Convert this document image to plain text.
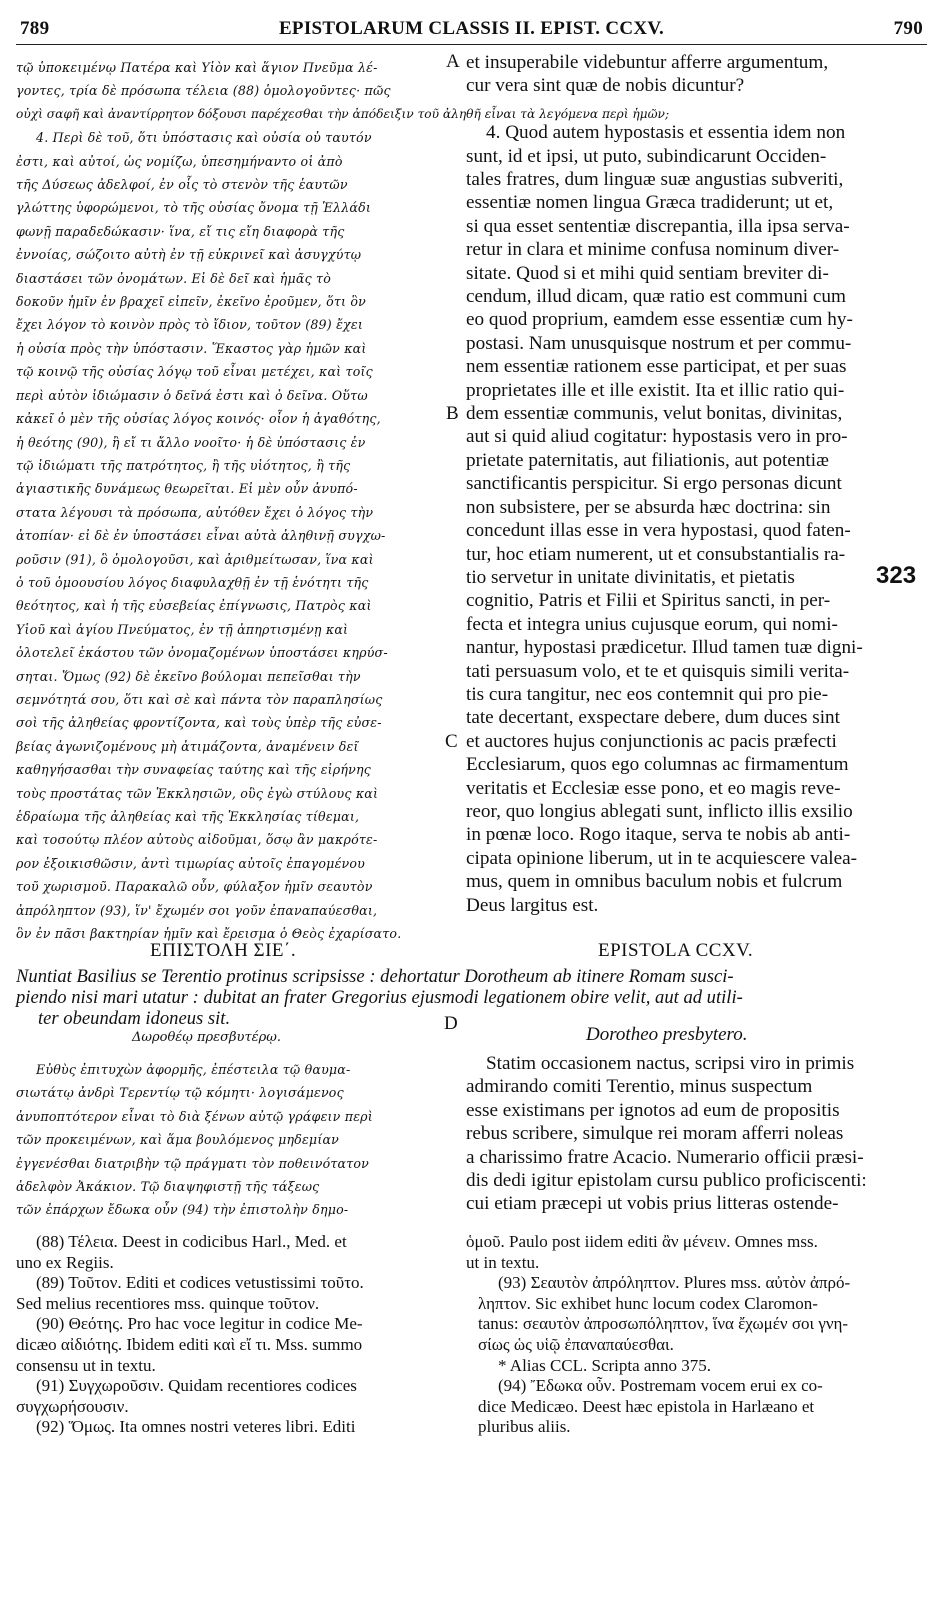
789	EPISTOLARUM CLASSIS II. EPIST. CCXV.	790
τῷ ὑποκειμένῳ Πατέρα καὶ Υἱὸν καὶ ἅγιον Πνεῦμα λέ-
γοντες, τρία δὲ πρόσωπα τέλεια (88) ὁμολογοῦντες· πῶς
οὐχὶ σαφῆ καὶ ἀναντίρρητον δόξουσι παρέχεσθαι τὴν ἀπόδειξιν τοῦ ἀληθῆ εἶναι τὰ λεγόμενα περὶ ἡμῶν;
4. Περὶ δὲ τοῦ, ὅτι ὑπόστασις καὶ οὐσία οὐ ταυτόν
ἐστι, καὶ αὐτοί, ὡς νομίζω, ὑπεσημήναντο οἱ ἀπὸ
τῆς Δύσεως ἀδελφοί, ἐν οἷς τὸ στενὸν τῆς ἑαυτῶν
γλώττης ὑφορώμενοι, τὸ τῆς οὐσίας ὄνομα τῇ Ἑλλάδι
φωνῇ παραδεδώκασιν· ἵνα, εἴ τις εἴη διαφορὰ τῆς
ἐννοίας, σώζοιτο αὐτὴ ἐν τῇ εὐκρινεῖ καὶ ἀσυγχύτῳ
διαστάσει τῶν ὀνομάτων. Εἰ δὲ δεῖ καὶ ἡμᾶς τὸ
δοκοῦν ἡμῖν ἐν βραχεῖ εἰπεῖν, ἐκεῖνο ἐροῦμεν, ὅτι ὃν
ἔχει λόγον τὸ κοινὸν πρὸς τὸ ἴδιον, τοῦτον (89) ἔχει
ἡ οὐσία πρὸς τὴν ὑπόστασιν. Ἕκαστος γὰρ ἡμῶν καὶ
τῷ κοινῷ τῆς οὐσίας λόγῳ τοῦ εἶναι μετέχει, καὶ τοῖς
περὶ αὐτὸν ἰδιώμασιν ὁ δεῖνά ἐστι καὶ ὁ δεῖνα. Οὕτω
κἀκεῖ ὁ μὲν τῆς οὐσίας λόγος κοινός· οἷον ἡ ἀγαθότης,
ἡ θεότης (90), ἢ εἴ τι ἄλλο νοοῖτο· ἡ δὲ ὑπόστασις ἐν
τῷ ἰδιώματι τῆς πατρότητος, ἢ τῆς υἱότητος, ἢ τῆς
ἁγιαστικῆς δυνάμεως θεωρεῖται. Εἰ μὲν οὖν ἀνυπό-
στατα λέγουσι τὰ πρόσωπα, αὐτόθεν ἔχει ὁ λόγος τὴν
ἀτοπίαν· εἰ δὲ ἐν ὑποστάσει εἶναι αὐτὰ ἀληθινῇ συγχω-
ροῦσιν (91), ὃ ὁμολογοῦσι, καὶ ἀριθμείτωσαν, ἵνα καὶ
ὁ τοῦ ὁμοουσίου λόγος διαφυλαχθῇ ἐν τῇ ἑνότητι τῆς
θεότητος, καὶ ἡ τῆς εὐσεβείας ἐπίγνωσις, Πατρὸς καὶ
Υἱοῦ καὶ ἁγίου Πνεύματος, ἐν τῇ ἀπηρτισμένῃ καὶ
ὁλοτελεῖ ἑκάστου τῶν ὀνομαζομένων ὑποστάσει κηρύσ-
σηται. Ὅμως (92) δὲ ἐκεῖνο βούλομαι πεπεῖσθαι τὴν
σεμνότητά σου, ὅτι καὶ σὲ καὶ πάντα τὸν παραπλησίως
σοὶ τῆς ἀληθείας φροντίζοντα, καὶ τοὺς ὑπὲρ τῆς εὐσε-
βείας ἀγωνιζομένους μὴ ἀτιμάζοντα, ἀναμένειν δεῖ
καθηγήσασθαι τὴν συναφείας ταύτης καὶ τῆς εἰρήνης
τοὺς προστάτας τῶν Ἐκκλησιῶν, οὓς ἐγὼ στύλους καὶ
ἑδραίωμα τῆς ἀληθείας καὶ τῆς Ἐκκλησίας τίθεμαι,
καὶ τοσούτῳ πλέον αὐτοὺς αἰδοῦμαι, ὅσῳ ἂν μακρότε-
ρον ἐξοικισθῶσιν, ἀντὶ τιμωρίας αὐτοῖς ἐπαγομένου
τοῦ χωρισμοῦ. Παρακαλῶ οὖν, φύλαξον ἡμῖν σεαυτὸν
ἀπρόληπτον (93), ἵν' ἔχωμέν σοι γοῦν ἐπαναπαύεσθαι,
ὃν ἐν πᾶσι βακτηρίαν ἡμῖν καὶ ἔρεισμα ὁ Θεὸς ἐχαρίσατο.
et insuperabile videbuntur afferre argumentum,
cur vera sint quæ de nobis dicuntur?
4. Quod autem hypostasis et essentia idem non
sunt, id et ipsi, ut puto, subindicarunt Occiden-
tales fratres, dum linguæ suæ angustias subveriti,
essentiæ nomen lingua Græca tradiderunt; ut et,
si qua esset sententiæ discrepantia, illa ipsa serva-
retur in clara et minime confusa nominum diver-
sitate. Quod si et mihi quid sentiam breviter di-
cendum, illud dicam, quæ ratio est communi cum
eo quod proprium, eamdem esse essentiæ cum hy-
postasi. Nam unusquisque nostrum et per commu-
nem essentiæ rationem esse participat, et per suas
proprietates ille et ille existit. Ita et illic ratio qui-
dem essentiæ communis, velut bonitas, divinitas,
aut si quid aliud cogitatur: hypostasis vero in pro-
prietate paternitatis, aut filiationis, aut potentiæ
sanctificantis perspicitur. Si ergo personas dicunt
non subsistere, per se absurda hæc doctrina: sin
concedunt illas esse in vera hypostasi, quod faten-
tur, hoc etiam numerent, ut et consubstantialis ra-
tio servetur in unitate divinitatis, et pietatis
cognitio, Patris et Filii et Spiritus sancti, in per-
fecta et integra unius cujusque eorum, qui nomi-
nantur, hypostasi prædicetur. Illud tamen tuæ digni-
tati persuasum volo, et te et quisquis simili verita-
tis cura tangitur, nec eos contemnit qui pro pie-
tate decertant, exspectare debere, dum duces sint
et auctores hujus conjunctionis ac pacis præfecti
Ecclesiarum, quos ego columnas ac firmamentum
veritatis et Ecclesiæ esse pono, et eo magis reve-
reor, quo longius ablegati sunt, inflicto illis exsilio
in pœnæ loco. Rogo itaque, serva te nobis ab anti-
cipata opinione liberum, ut in te acquiescere valea-
mus, quem in omnibus baculum nobis et fulcrum
Deus largitus est.
A
B
C
D
323
ΕΠΙΣΤΟΛΗ ΣΙΕ΄.	EPISTOLA CCXV.
Nuntiat Basilius se Terentio protinus scripsisse : dehortatur Dorotheum ab itinere Romam susci-
piendo nisi mari utatur : dubitat an frater Gregorius ejusmodi legationem obire velit, aut ad utili-
ter obeundam idoneus sit.
Δωροθέῳ πρεσβυτέρῳ.	Dorotheo presbytero.
Εὐθὺς ἐπιτυχὼν ἀφορμῆς, ἐπέστειλα τῷ θαυμα-
σιωτάτῳ ἀνδρὶ Τερεντίῳ τῷ κόμητι· λογισάμενος
ἀνυποπτότερον εἶναι τὸ διὰ ξένων αὐτῷ γράφειν περὶ
τῶν προκειμένων, καὶ ἅμα βουλόμενος μηδεμίαν
ἐγγενέσθαι διατριβὴν τῷ πράγματι τὸν ποθεινότατον
ἀδελφὸν Ἀκάκιον. Τῷ διαψηφιστῇ τῆς τάξεως
τῶν ἐπάρχων ἔδωκα οὖν (94) τὴν ἐπιστολὴν δημο-
Statim occasionem nactus, scripsi viro in primis
admirando comiti Terentio, minus suspectum
esse existimans per ignotos ad eum de propositis
rebus scribere, simulque rei moram afferri noleas
a charissimo fratre Acacio. Numerario officii præsi-
dis dedi igitur epistolam cursu publico proficiscenti:
cui etiam præcepi ut vobis prius litteras ostende-
(88) Τέλεια. Deest in codicibus Harl., Med. et
uno ex Regiis.
(89) Τοῦτον. Editi et codices vetustissimi τοῦτο.
Sed melius recentiores mss. quinque τοῦτον.
(90) Θεότης. Pro hac voce legitur in codice Me-
dicæo αἰδιότης. Ibidem editi καὶ εἴ τι. Mss. summo
consensu ut in textu.
(91) Συγχωροῦσιν. Quidam recentiores codices
συγχωρήσουσιν.
(92) Ὅμως. Ita omnes nostri veteres libri. Editi
ὁμοῦ. Paulo post iidem editi ἂν μένειν. Omnes mss.
ut in textu.
(93) Σεαυτὸν ἀπρόληπτον. Plures mss. αὐτὸν ἀπρό-
ληπτον. Sic exhibet hunc locum codex Claromon-
tanus: σεαυτὸν ἀπροσωπόληπτον, ἵνα ἔχωμέν σοι γνη-
σίως ὡς υἱῷ ἐπαναπαύεσθαι.
* Alias CCL. Scripta anno 375.
(94) Ἔδωκα οὖν. Postremam vocem erui ex co-
dice Medicæo. Deest hæc epistola in Harlæano et
pluribus aliis.
